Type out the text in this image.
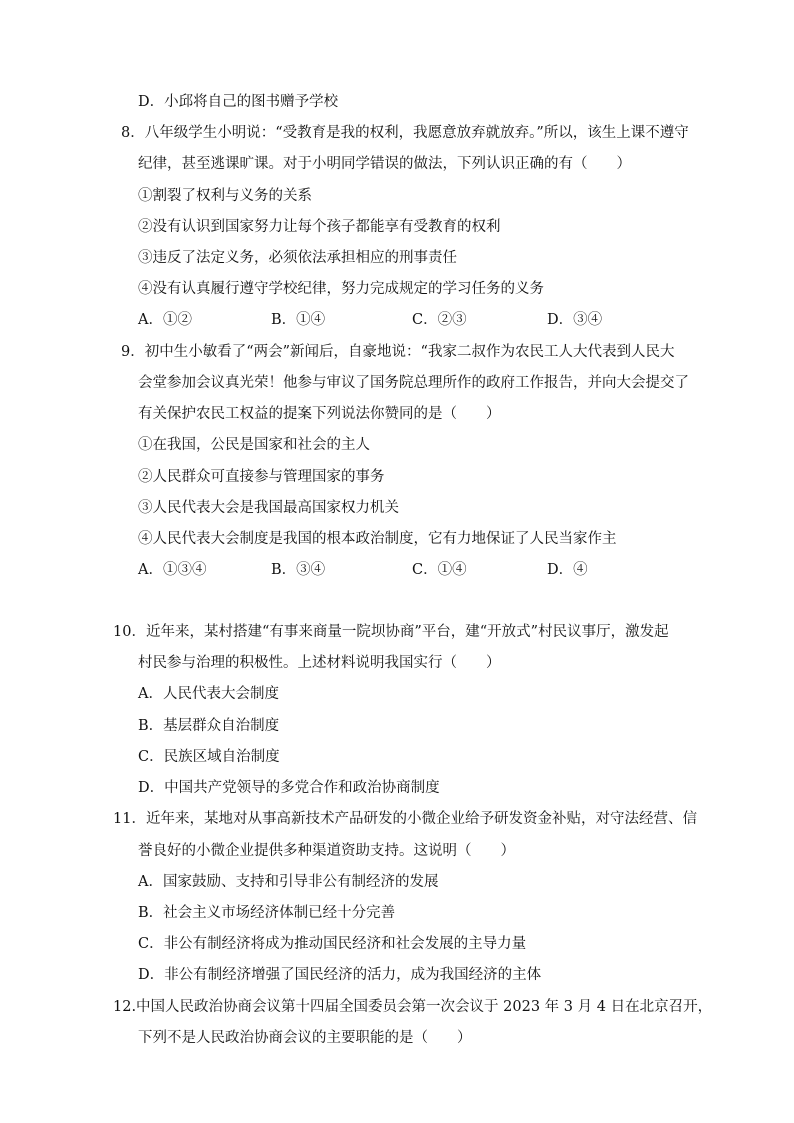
D．小邱将自己的图书赠予学校
8．八年级学生小明说：“受教育是我的权利，我愿意放弃就放弃。”所以，该生上课不遵守
纪律，甚至逃课旷课。对于小明同学错误的做法，下列认识正确的有（　　）
①割裂了权利与义务的关系
②没有认识到国家努力让每个孩子都能享有受教育的权利
③违反了法定义务，必须依法承担相应的刑事责任
④没有认真履行遵守学校纪律，努力完成规定的学习任务的义务
9．初中生小敏看了“两会”新闻后，自豪地说：“我家二叔作为农民工人大代表到人民大
会堂参加会议真光荣！他参与审议了国务院总理所作的政府工作报告，并向大会提交了
有关保护农民工权益的提案下列说法你赞同的是（　　）
①在我国，公民是国家和社会的主人
②人民群众可直接参与管理国家的事务
③人民代表大会是我国最高国家权力机关
④人民代表大会制度是我国的根本政治制度，它有力地保证了人民当家作主
10．近年来，某村搭建“有事来商量一院坝协商”平台，建“开放式”村民议事厅，激发起
村民参与治理的积极性。上述材料说明我国实行（　　）
A．人民代表大会制度
B．基层群众自治制度
C．民族区域自治制度
D．中国共产党领导的多党合作和政治协商制度
11．近年来，某地对从事高新技术产品研发的小微企业给予研发资金补贴，对守法经营、信
誉良好的小微企业提供多种渠道资助支持。这说明（　　）
A．国家鼓励、支持和引导非公有制经济的发展
B．社会主义市场经济体制已经十分完善
C．非公有制经济将成为推动国民经济和社会发展的主导力量
D．非公有制经济增强了国民经济的活力，成为我国经济的主体
12.中国人民政治协商会议第十四届全国委员会第一次会议于 2023 年 3 月 4 日在北京召开，
下列不是人民政治协商会议的主要职能的是（　　）
A．①②	B．①④	C．②③	D．③④
A．①③④	B．③④	C．①④	D．④
